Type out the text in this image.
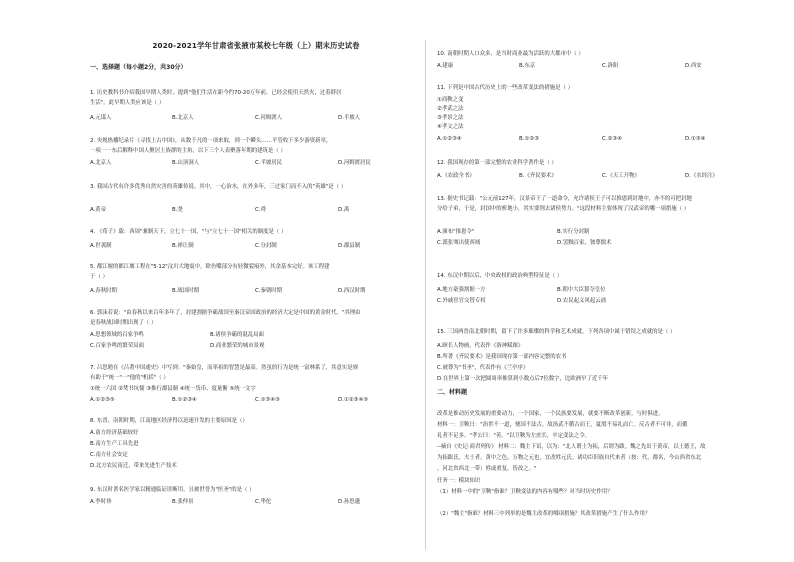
2020-2021学年甘肃省张掖市某校七年级（上）期末历史试卷
一、选择题（每小题2分，共30分）
1. 历史教科书介绍我国早期人类时，提到"他们生活在距今约70-20万年前，已经会使用天然火，过着群居
生活"。此早期人类应该是（ ）
A.元谋人	B.北京人	C.河姆渡人	D.半坡人
2. 央视热播纪录片《寻找上古中国》，从数千凡的一项来取，到一个瞬头……平管收下多少游资新章，
一项一一东后解释中国人聚居土族群的主角，以下三个人表聚落年期的建筑是（ ）
A.北京人	B.山顶洞人	C.半坡居民	D.河姆渡居民
3. 我国古代有许多优秀自然灾害的英雄传说。其中，一心治水，在外多年，三过家门而不入的"英雄"是（ ）
A.黄帝	B.尧	C.舜	D.禹
4. 《荀子》载：西周"兼制天下，立七十一国，"与"立七十一国"相关的制度是（ ）
A.世袭制	B.禅让制	C.分封制	D.郡县制
5. 都江堰的都江堰工程在"5·12"汶川大地震中，除鱼嘴部分有轻微裂痕外，其余基本完好。该工程建
于（ ）
A.春秋时期	B.战国时期	C.秦朝时期	D.西汉时期
6. 郭沫若说："由春秋以来百年多年了，封建割据争霸战国至秦汉帝国政治的经济大定是中国的黄金时代。"其理由
是春秋战国时期出现了（ ）
A.思想领域的百家争鸣	B.诸侯争霸的混乱局面
C.百家争鸣的繁荣局面	D.商业繁荣的城市景观
7. 吕思勉在《吕著中国通史》中写到："秦始皇，而率祖的智慧是最高。然虽的行为是统一富林系了，其意实是规
有助于"统一"一"他的"机括"（ ）
①统一六国 ②焚书坑儒 ③推行郡县制 ④统一货币、度量衡 ⑤统一文字
A.①②③⑤	B.①②③④	C.①③④⑤	D.①②③④⑤
8. 东晋、南朝时期，江南地区经济得以迅速开发的主要原因是（）
A.南方经济基础较好
B.南方生产工具先进
C.南方社会安定
D.北方农民南迁，带来先进生产技术
9. 东汉时著名医学家以精通临证诊断用，且被世誉为"医圣"的是（ ）
A.李时珍	B.张仲景	C.华佗	D.孙思邈
10. 南朝时期人口众多，是当时商业最为活跃的大都市中（ ）
A.建康	B.东京	C.洛阳	D.西安
11. 下列是中国古代历史上的一些改革变法的措施是（ ）
①商鞅之变
②孝武之法
③孝景之法
④孝文之法
A.①②③④	B.①②③	C.②③④	D.①③④
12. 我国现存的第一部完整的农业科学著作是（ ）
A.《农政全书》	B.《齐民要术》	C.《天工开物》	D.《水经注》
13. 据史书记载："公元前127年，汉景帝下了一道命令，允许诸侯王子可以推恩到封地中，亦不的可把封地
分给子弟，于是，封国中的析地小，其实要削去诸侯势力。"这段材料主要体现了汉武帝的哪一项措施（ ）
A.颁布"推恩令"	B.实行分封制
C.派张骞出使西域	D.罢黜百家，独尊儒术
14. 东汉中期以后，中央政权的政治典型特征是（ ）
A.地方豪强割据一方	B.朝中大臣篡夺皇位
C.外戚宦官交替专权	D.农民起义风起云涌
15. 三国两晋南北朝时期，留下了许多璀璨的科学和艺术成就，下列各项中属于错误之成就的是（ ）
A.顾长人物画，代表作《洛神赋图》
B.所著《齐民要术》是我国现存第一部内容完整的农书
C.被尊为"书圣"，代表作有《兰亭序》
D.在世界上第一次把圆周率推算到小数点后7位数字，比欧洲早了近千年
二、材料题
改革是推动历史发展的重要动力，一个国家，一个民族要发展，就要不断改革创新，与时俱进。
材料一：卫鞅曰："治世不一道，便国不法古。故汤武不循古而王，夏殷不易礼而亡。反古者不可非，而循
礼者不足多。"孝公曰："善。"以卫鞅为左庶长，卒定变法之令。
--摘自《史记·商君列传》 材料二：魏主下诏，以为："北人谓土为拓，后谓为跋。魏之先出于黄帝，以土德王，故
为拓跋氏。夫土者，黄中之色，万物之元也，宜改姓元氏。诸功臣旧族自代来者（按：代，都名，今山西省东北
，河北省西北一带）姓或重复，皆改之。"
任务一：模块知识
（1）材料一中的"卫鞅"指谁？卫鞅变法的内容有哪些？对当时历史作用？
（2）"魏主"指谁？材料三中列举的是魏主改革的哪项措施？其改革措施产生了什么作用？
